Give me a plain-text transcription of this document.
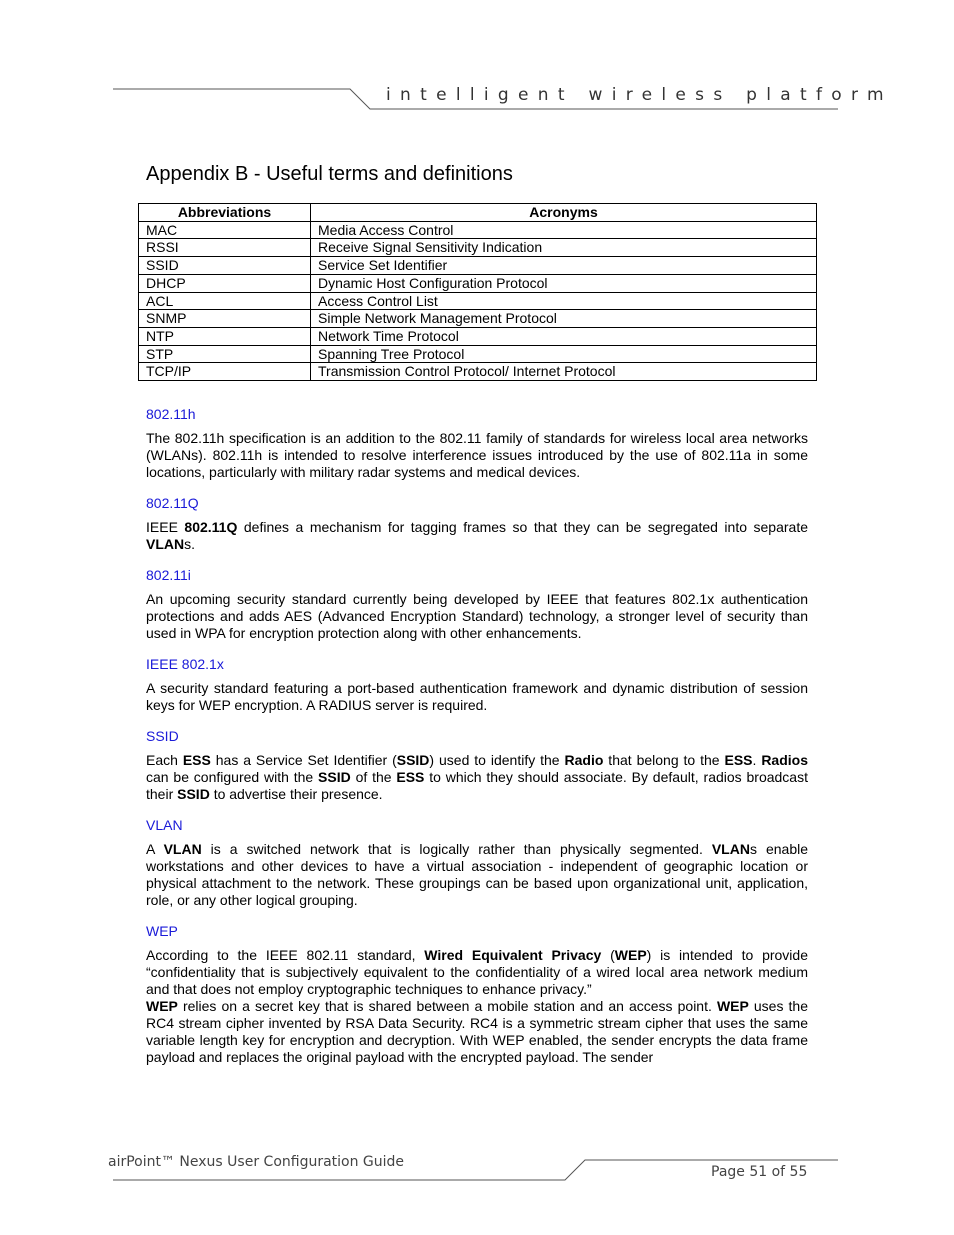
intelligent wireless platform
Appendix B - Useful terms and definitions
Abbreviations	Acronyms
MAC	Media Access Control
RSSI	Receive Signal Sensitivity Indication
SSID	Service Set Identifier
DHCP	Dynamic Host Configuration Protocol
ACL	Access Control List
SNMP	Simple Network Management Protocol
NTP	Network Time Protocol
STP	Spanning Tree Protocol
TCP/IP	Transmission Control Protocol/ Internet Protocol
802.11h

The 802.11h specification is an addition to the 802.11 family of standards for wireless local area networks (WLANs). 802.11h is intended to resolve interference issues introduced by the use of 802.11a in some locations, particularly with military radar systems and medical devices.

802.11Q

IEEE 802.11Q defines a mechanism for tagging frames so that they can be segregated into separate VLANs.

802.11i

An upcoming security standard currently being developed by IEEE that features 802.1x authentication protections and adds AES (Advanced Encryption Standard) technology, a stronger level of security than used in WPA for encryption protection along with other enhancements.

IEEE 802.1x

A security standard featuring a port-based authentication framework and dynamic distribution of session keys for WEP encryption. A RADIUS server is required.

SSID

Each ESS has a Service Set Identifier (SSID) used to identify the Radio that belong to the ESS. Radios can be configured with the SSID of the ESS to which they should associate. By default, radios broadcast their SSID to advertise their presence.

VLAN

A VLAN is a switched network that is logically rather than physically segmented. VLANs enable workstations and other devices to have a virtual association - independent of geographic location or physical attachment to the network. These groupings can be based upon organizational unit, application, role, or any other logical grouping.

WEP

According to the IEEE 802.11 standard, Wired Equivalent Privacy (WEP) is intended to provide “confidentiality that is subjectively equivalent to the confidentiality of a wired local area network medium and that does not employ cryptographic techniques to enhance privacy.”

WEP relies on a secret key that is shared between a mobile station and an access point. WEP uses the RC4 stream cipher invented by RSA Data Security. RC4 is a symmetric stream cipher that uses the same variable length key for encryption and decryption. With WEP enabled, the sender encrypts the data frame payload and replaces the original payload with the encrypted payload. The sender

airPoint™ Nexus User Configuration Guide
Page 51 of 55
